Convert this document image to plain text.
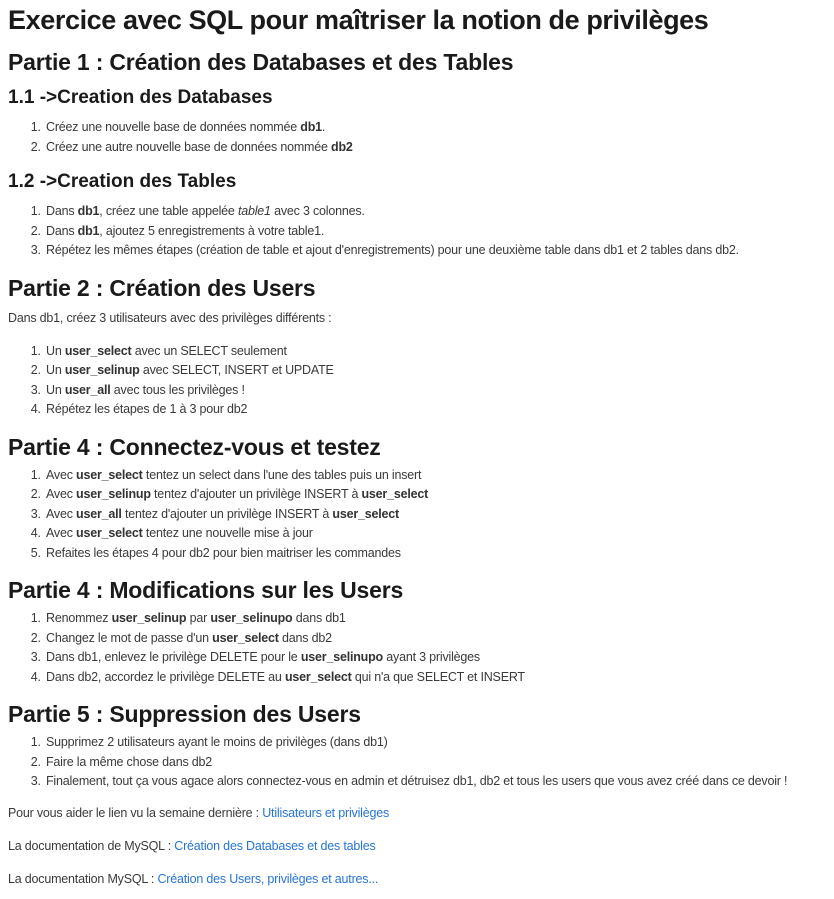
Exercice avec SQL pour maîtriser la notion de privilèges
Partie 1 : Création des Databases et des Tables
1.1 ->Creation des Databases
1. Créez une nouvelle base de données nommée db1.
2. Créez une autre nouvelle base de données nommée db2
1.2 ->Creation des Tables
1. Dans db1, créez une table appelée table1 avec 3 colonnes.
2. Dans db1, ajoutez 5 enregistrements à votre table1.
3. Répétez les mêmes étapes (création de table et ajout d'enregistrements) pour une deuxième table dans db1 et 2 tables dans db2.
Partie 2 : Création des Users

Dans db1, créez 3 utilisateurs avec des privilèges différents :

1. Un user_select avec un SELECT seulement
2. Un user_selinup avec SELECT, INSERT et UPDATE
3. Un user_all avec tous les privilèges !
4. Répétez les étapes de 1 à 3 pour db2
Partie 4 : Connectez-vous et testez
1. Avec user_select tentez un select dans l'une des tables puis un insert
2. Avec user_selinup tentez d'ajouter un privilège INSERT à user_select
3. Avec user_all tentez d'ajouter un privilège INSERT à user_select
4. Avec user_select tentez une nouvelle mise à jour
5. Refaites les étapes 4 pour db2 pour bien maitriser les commandes
Partie 4 : Modifications sur les Users
1. Renommez user_selinup par user_selinupo dans db1
2. Changez le mot de passe d'un user_select dans db2
3. Dans db1, enlevez le privilège DELETE pour le user_selinupo ayant 3 privilèges
4. Dans db2, accordez le privilège DELETE au user_select qui n'a que SELECT et INSERT
Partie 5 : Suppression des Users
1. Supprimez 2 utilisateurs ayant le moins de privilèges (dans db1)
2. Faire la même chose dans db2
3. Finalement, tout ça vous agace alors connectez-vous en admin et détruisez db1, db2 et tous les users que vous avez créé dans ce devoir !

Pour vous aider le lien vu la semaine dernière : Utilisateurs et privilèges

La documentation de MySQL : Création des Databases et des tables

La documentation MySQL : Création des Users, privilèges et autres...
